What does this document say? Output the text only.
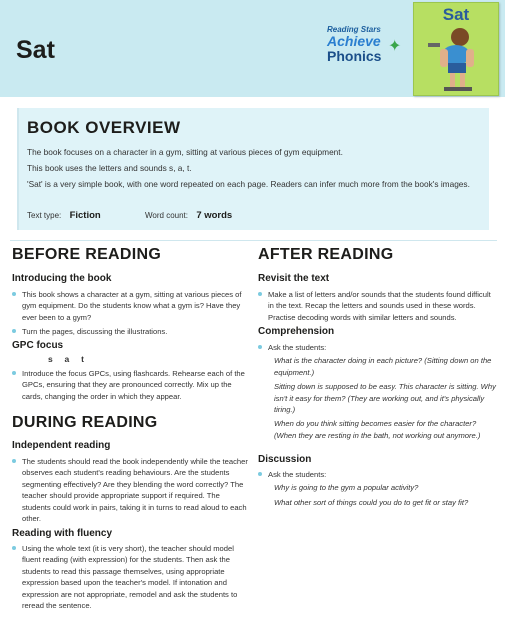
Sat
Reading Stars
Achieve
Phonics
✦
Sat
BOOK OVERVIEW
The book focuses on a character in a gym, sitting at various pieces of gym equipment.
This book uses the letters and sounds s, a, t.
'Sat' is a very simple book, with one word repeated on each page. Readers can infer much more from the book's images.
Text type: Fiction	Word count: 7 words
BEFORE READING
Introducing the book

This book shows a character at a gym, sitting at various pieces of gym equipment. Do the students know what a gym is? Have they ever been to a gym?

Turn the pages, discussing the illustrations.

GPC focus
s     a     t

Introduce the focus GPCs, using flashcards. Rehearse each of the GPCs, ensuring that they are pronounced correctly. Mix up the cards, changing the order in which they appear.

DURING READING
Independent reading

The students should read the book independently while the teacher observes each student's reading behaviours. Are the students segmenting effectively? Are they blending the word correctly? The teacher should provide appropriate support if required. The students could work in pairs, taking it in turns to read aloud to each other.

Reading with fluency

Using the whole text (it is very short), the teacher should model fluent reading (with expression) for the students. Then ask the students to read this passage themselves, using appropriate expression based upon the teacher's model. If intonation and expression are not appropriate, remodel and ask the students to reread the sentence.

AFTER READING
Revisit the text

Make a list of letters and/or sounds that the students found difficult in the text. Recap the letters and sounds used in these words. Practise decoding words with similar letters and sounds.

Comprehension

Ask the students:

What is the character doing in each picture? (Sitting down on the equipment.)

Sitting down is supposed to be easy. This character is sitting. Why isn't it easy for them? (They are working out, and it's physically tiring.)

When do you think sitting becomes easier for the character? (When they are resting in the bath, not working out anymore.)

Discussion

Ask the students:

Why is going to the gym a popular activity?

What other sort of things could you do to get fit or stay fit?
